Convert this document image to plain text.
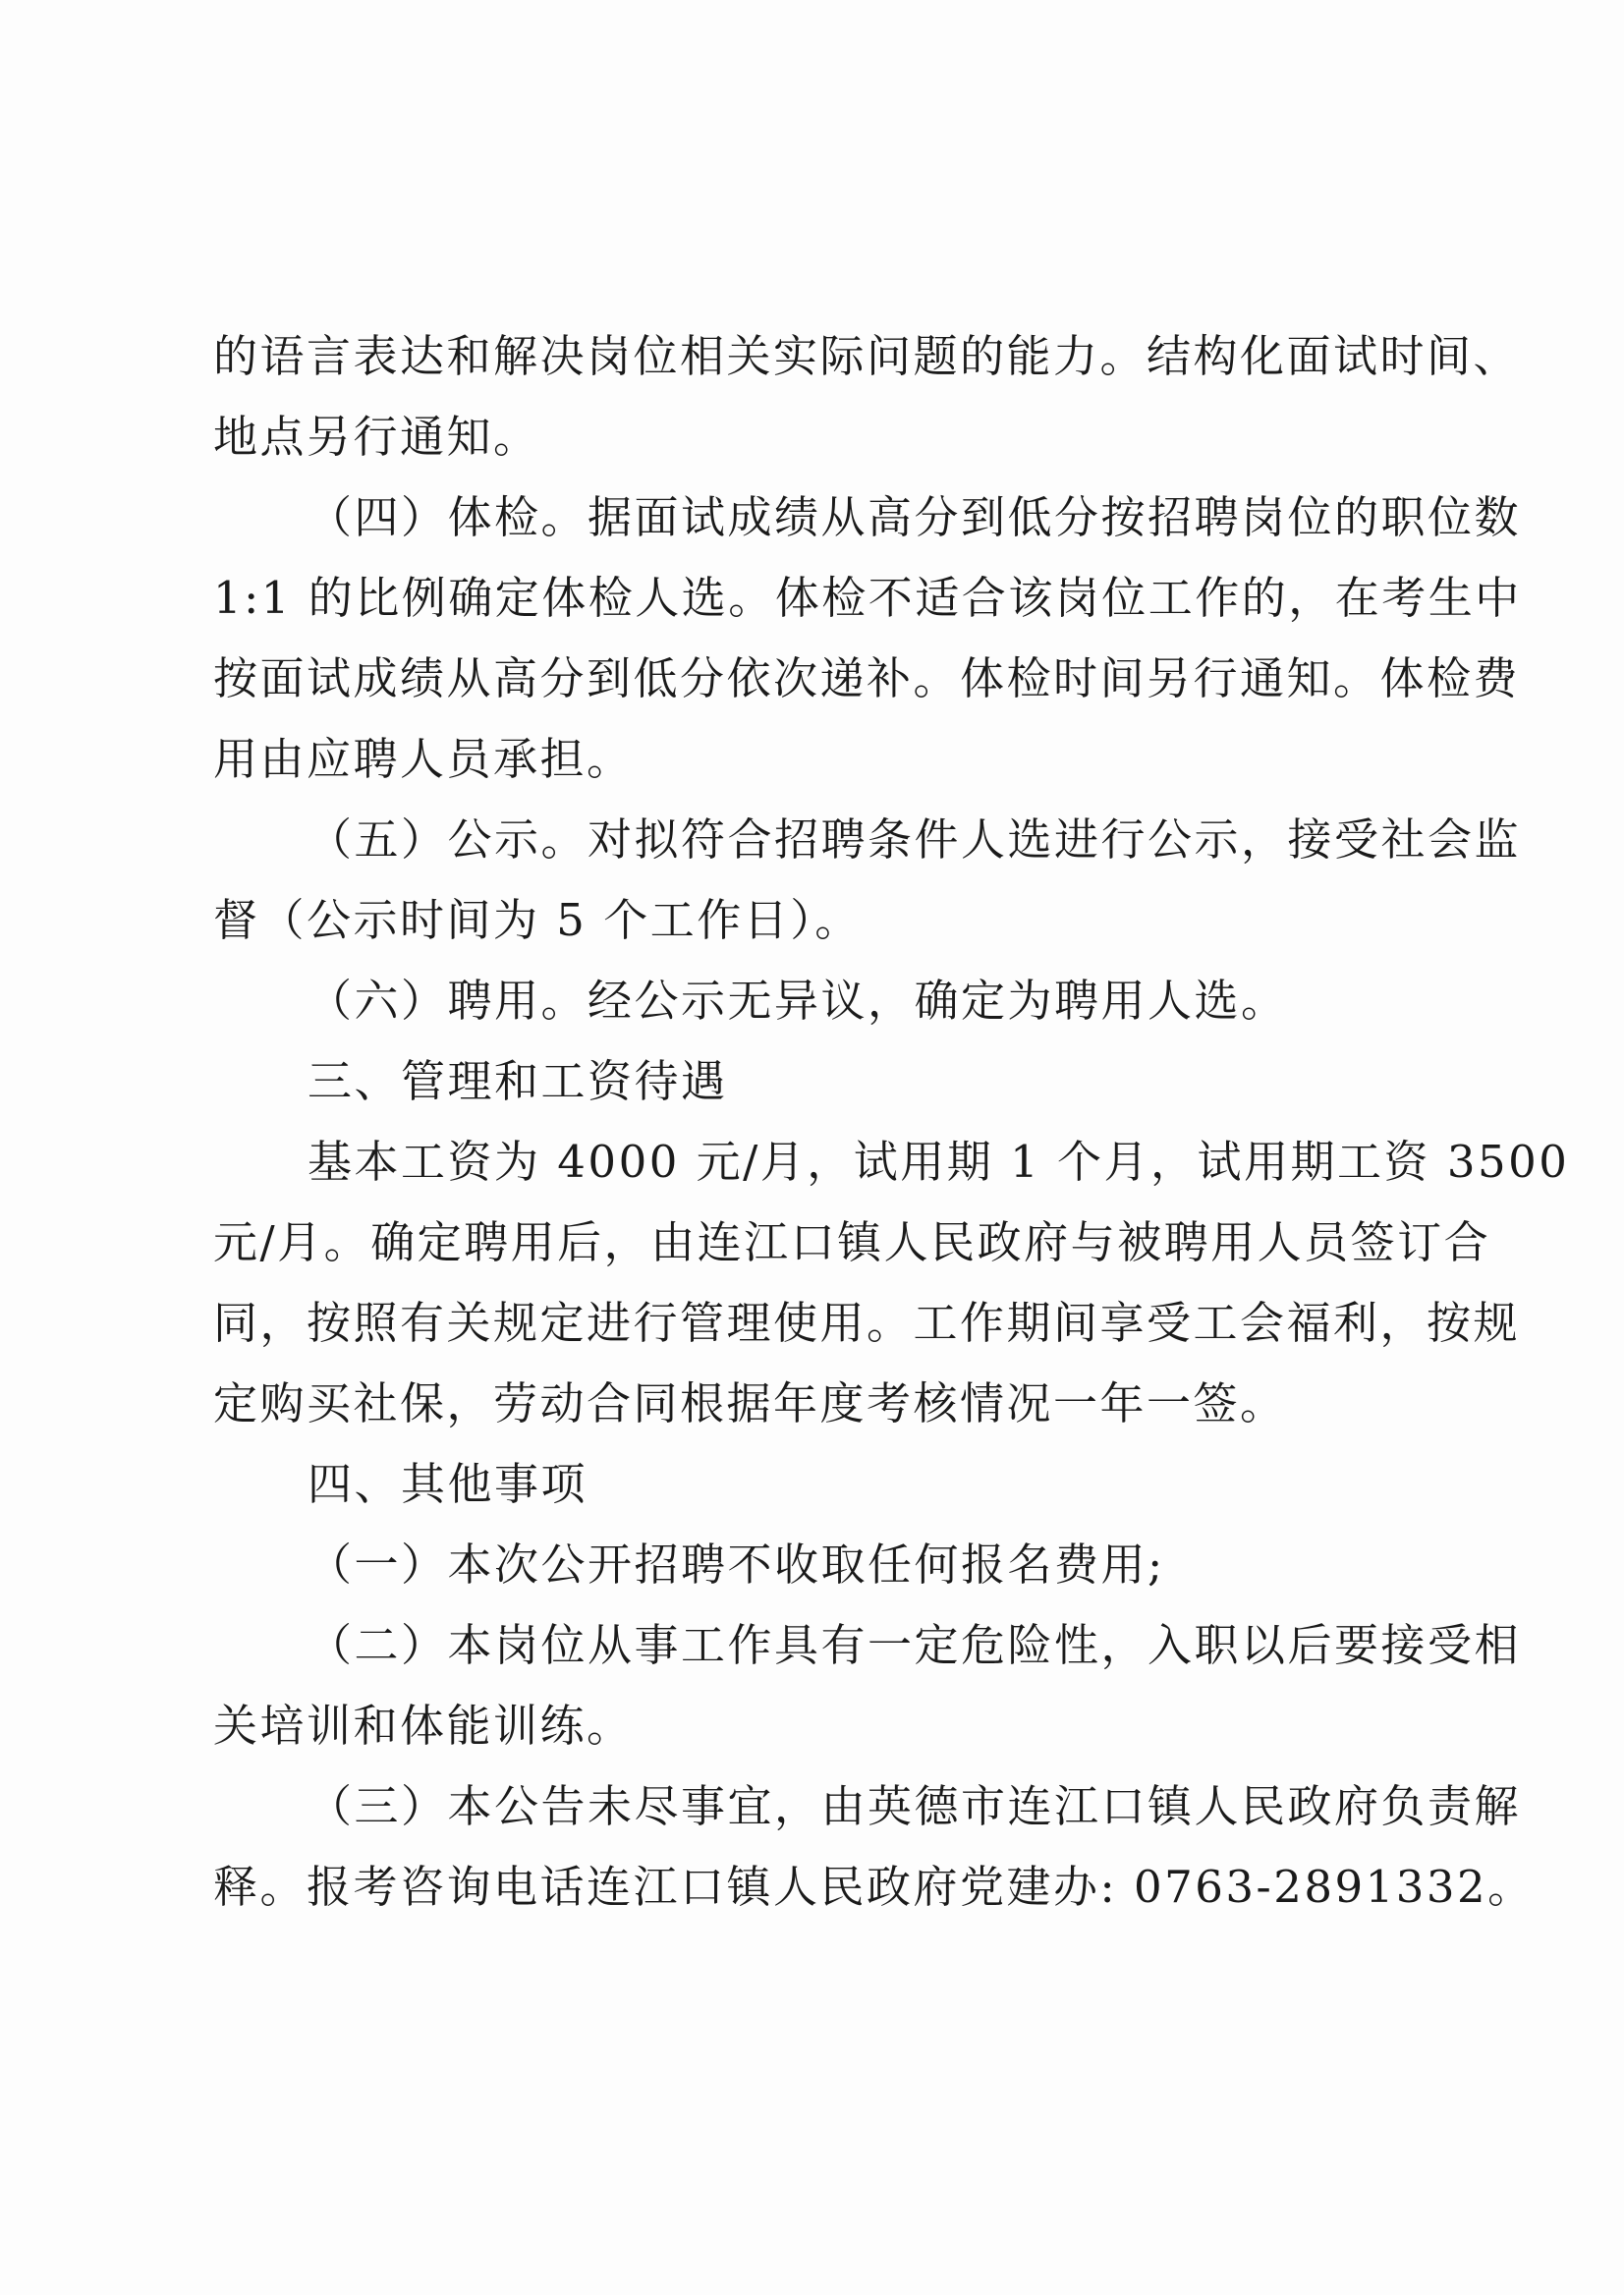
的语言表达和解决岗位相关实际问题的能力。结构化面试时间、
地点另行通知。
（四）体检。据面试成绩从高分到低分按招聘岗位的职位数
1:1 的比例确定体检人选。体检不适合该岗位工作的，在考生中
按面试成绩从高分到低分依次递补。体检时间另行通知。体检费
用由应聘人员承担。
（五）公示。对拟符合招聘条件人选进行公示，接受社会监
督（公示时间为 5 个工作日）。
（六）聘用。经公示无异议，确定为聘用人选。
三、管理和工资待遇
基本工资为 4000 元/月，试用期 1 个月，试用期工资 3500
元/月。确定聘用后，由连江口镇人民政府与被聘用人员签订合
同，按照有关规定进行管理使用。工作期间享受工会福利，按规
定购买社保，劳动合同根据年度考核情况一年一签。
四、其他事项
（一）本次公开招聘不收取任何报名费用;
（二）本岗位从事工作具有一定危险性，入职以后要接受相
关培训和体能训练。
（三）本公告未尽事宜，由英德市连江口镇人民政府负责解
释。报考咨询电话连江口镇人民政府党建办: 0763-2891332。
